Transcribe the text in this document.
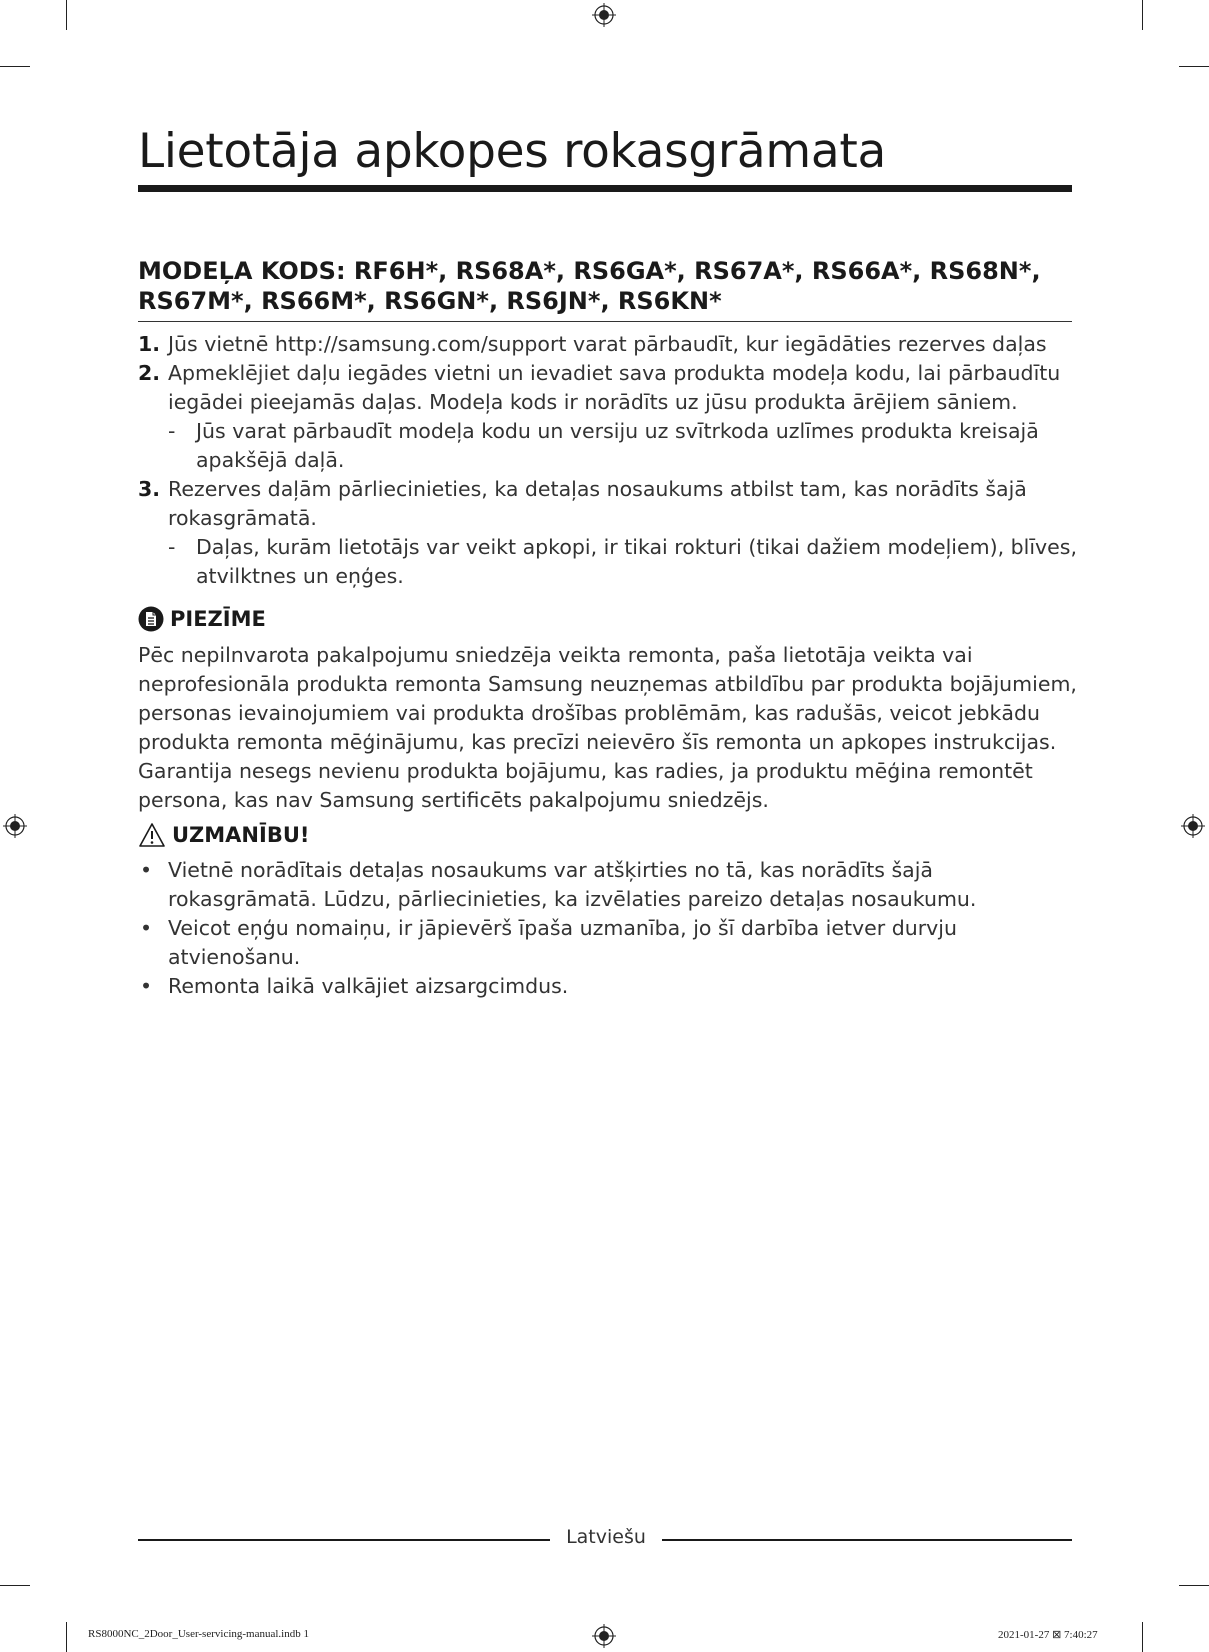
Lietotāja apkopes rokasgrāmata
MODEĻA KODS: RF6H*, RS68A*, RS6GA*, RS67A*, RS66A*, RS68N*, RS67M*, RS66M*, RS6GN*, RS6JN*, RS6KN*
1. Jūs vietnē http://samsung.com/support varat pārbaudīt, kur iegādāties rezerves daļas
2. Apmeklējiet daļu iegādes vietni un ievadiet sava produkta modeļa kodu, lai pārbaudītu iegādei pieejamās daļas. Modeļa kods ir norādīts uz jūsu produkta ārējiem sāniem.
- Jūs varat pārbaudīt modeļa kodu un versiju uz svītrkoda uzlīmes produkta kreisajā apakšējā daļā.
3. Rezerves daļām pārliecinieties, ka detaļas nosaukums atbilst tam, kas norādīts šajā rokasgrāmatā.
- Daļas, kurām lietotājs var veikt apkopi, ir tikai rokturi (tikai dažiem modeļiem), blīves, atvilktnes un eņģes.
PIEZĪME
Pēc nepilnvarota pakalpojumu sniedzēja veikta remonta, paša lietotāja veikta vai neprofesionāla produkta remonta Samsung neuzņemas atbildību par produkta bojājumiem, personas ievainojumiem vai produkta drošības problēmām, kas radušās, veicot jebkādu produkta remonta mēģinājumu, kas precīzi neievēro šīs remonta un apkopes instrukcijas. Garantija nesegs nevienu produkta bojājumu, kas radies, ja produktu mēģina remontēt persona, kas nav Samsung sertificēts pakalpojumu sniedzējs.
UZMANĪBU!
• Vietnē norādītais detaļas nosaukums var atšķirties no tā, kas norādīts šajā rokasgrāmatā. Lūdzu, pārliecinieties, ka izvēlaties pareizo detaļas nosaukumu.
• Veicot eņģu nomaiņu, ir jāpievērš īpaša uzmanība, jo šī darbība ietver durvju atvienošanu.
• Remonta laikā valkājiet aizsargcimdus.
Latviešu
RS8000NC_2Door_User-servicing-manual.indb 1	2021-01-27 ⊠ 7:40:27
